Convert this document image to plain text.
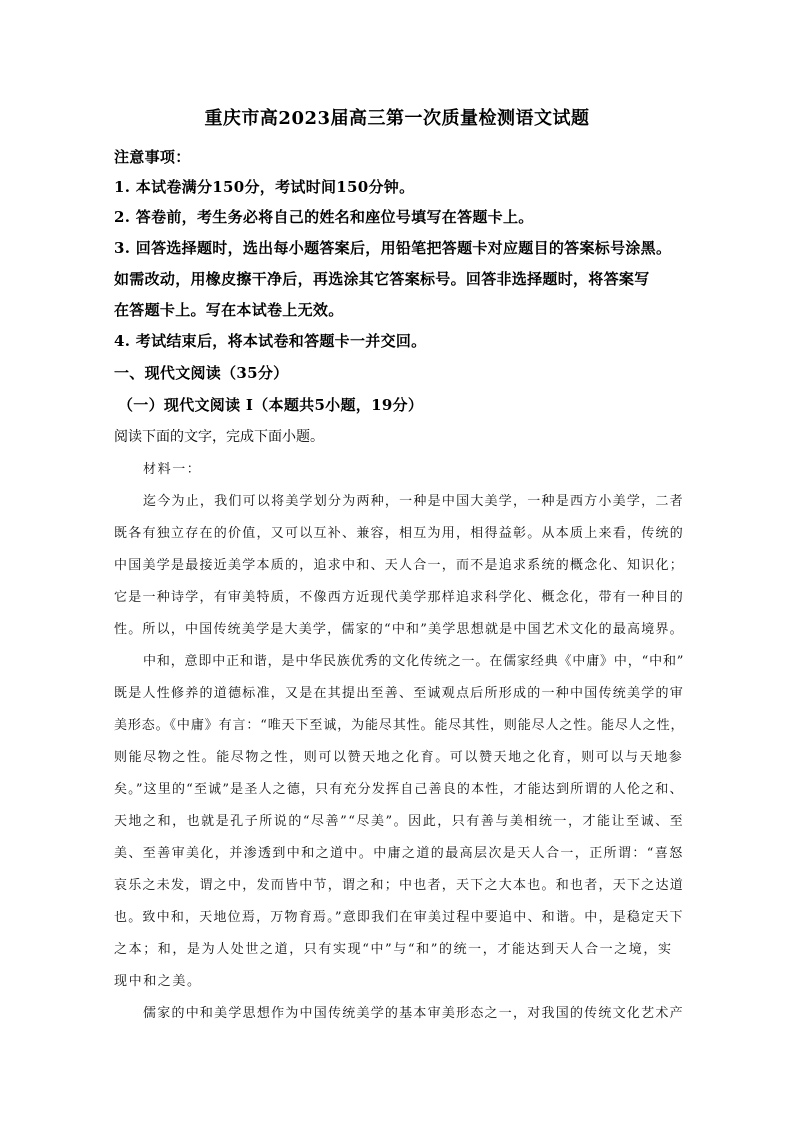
重庆市高2023届高三第一次质量检测语文试题
注意事项：
1. 本试卷满分150分，考试时间150分钟。
2. 答卷前，考生务必将自己的姓名和座位号填写在答题卡上。
3. 回答选择题时，选出每小题答案后，用铅笔把答题卡对应题目的答案标号涂黑。
如需改动，用橡皮擦干净后，再选涂其它答案标号。回答非选择题时，将答案写
在答题卡上。写在本试卷上无效。
4. 考试结束后，将本试卷和答题卡一并交回。
一、现代文阅读（35分）
（一）现代文阅读 I（本题共5小题，19分）
阅读下面的文字，完成下面小题。
材料一：
迄今为止，我们可以将美学划分为两种，一种是中国大美学，一种是西方小美学，二者
既各有独立存在的价值，又可以互补、兼容，相互为用，相得益彰。从本质上来看，传统的
中国美学是最接近美学本质的，追求中和、天人合一，而不是追求系统的概念化、知识化；
它是一种诗学，有审美特质，不像西方近现代美学那样追求科学化、概念化，带有一种目的
性。所以，中国传统美学是大美学，儒家的“中和”美学思想就是中国艺术文化的最高境界。
中和，意即中正和谐，是中华民族优秀的文化传统之一。在儒家经典《中庸》中，“中和”
既是人性修养的道德标准，又是在其提出至善、至诚观点后所形成的一种中国传统美学的审
美形态。《中庸》有言：“唯天下至诚，为能尽其性。能尽其性，则能尽人之性。能尽人之性，
则能尽物之性。能尽物之性，则可以赞天地之化育。可以赞天地之化育，则可以与天地参
矣。”这里的“至诚”是圣人之德，只有充分发挥自己善良的本性，才能达到所谓的人伦之和、
天地之和，也就是孔子所说的“尽善”“尽美”。因此，只有善与美相统一，才能让至诚、至
美、至善审美化，并渗透到中和之道中。中庸之道的最高层次是天人合一，正所谓：“喜怒
哀乐之未发，谓之中，发而皆中节，谓之和；中也者，天下之大本也。和也者，天下之达道
也。致中和，天地位焉，万物育焉。”意即我们在审美过程中要追中、和谐。中，是稳定天下
之本；和，是为人处世之道，只有实现“中”与“和”的统一，才能达到天人合一之境，实
现中和之美。
儒家的中和美学思想作为中国传统美学的基本审美形态之一，对我国的传统文化艺术产
